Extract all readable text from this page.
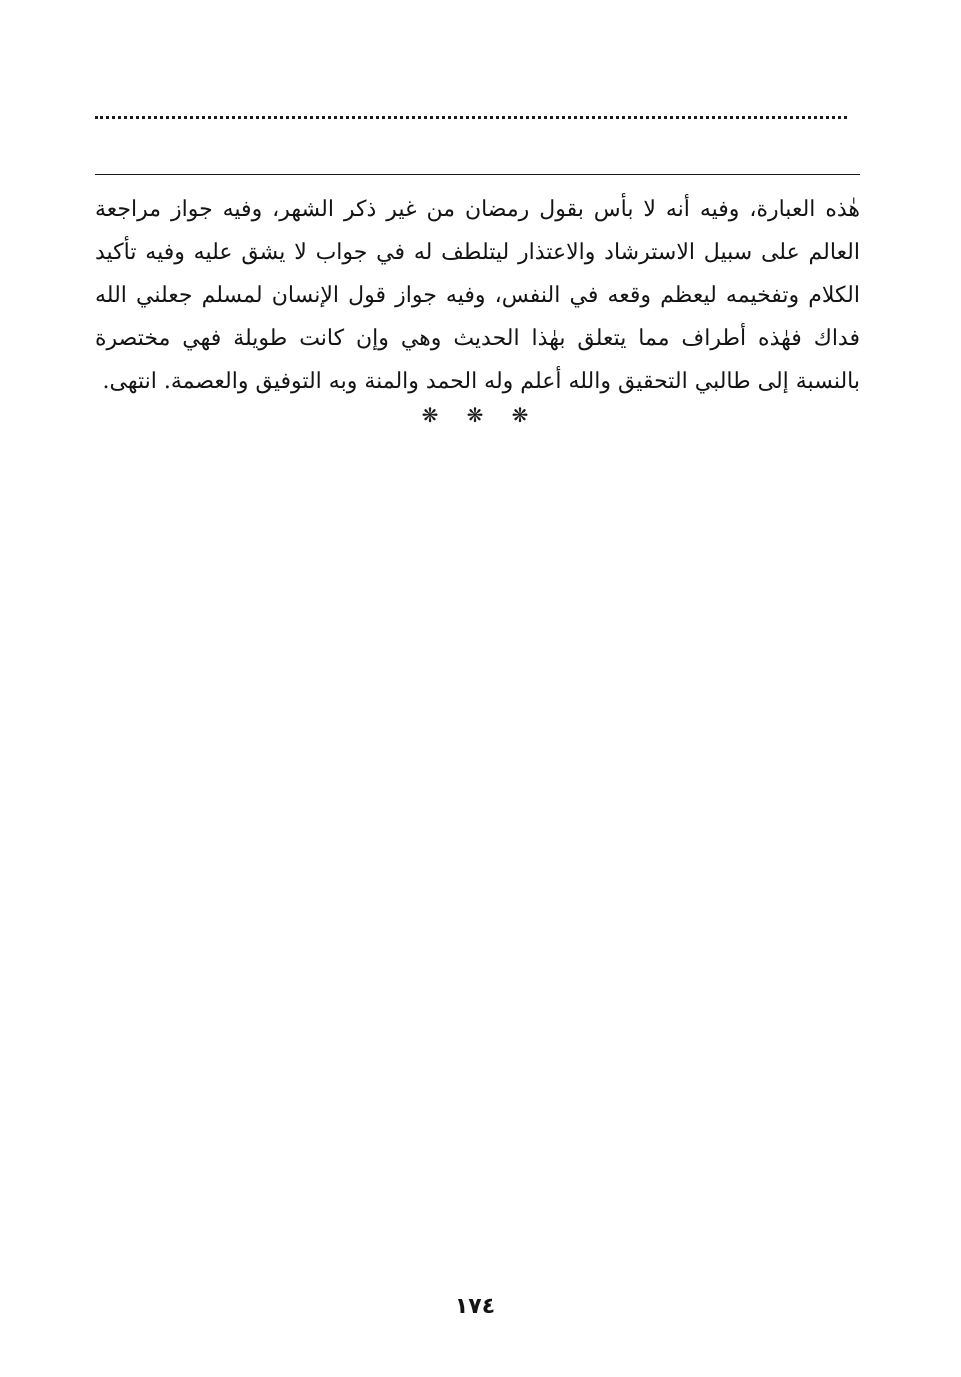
هٰذه العبارة، وفيه أنه لا بأس بقول رمضان من غير ذكر الشهر، وفيه جواز مراجعة العالم على سبيل الاسترشاد والاعتذار ليتلطف له في جواب لا يشق عليه وفيه تأكيد الكلام وتفخيمه ليعظم وقعه في النفس، وفيه جواز قول الإنسان لمسلم جعلني الله فداك فهٰذه أطراف مما يتعلق بهٰذا الحديث وهي وإن كانت طويلة فهي مختصرة بالنسبة إلى طالبي التحقيق والله أعلم وله الحمد والمنة وبه التوفيق والعصمة. انتهى.

❋ ❋ ❋
١٧٤
